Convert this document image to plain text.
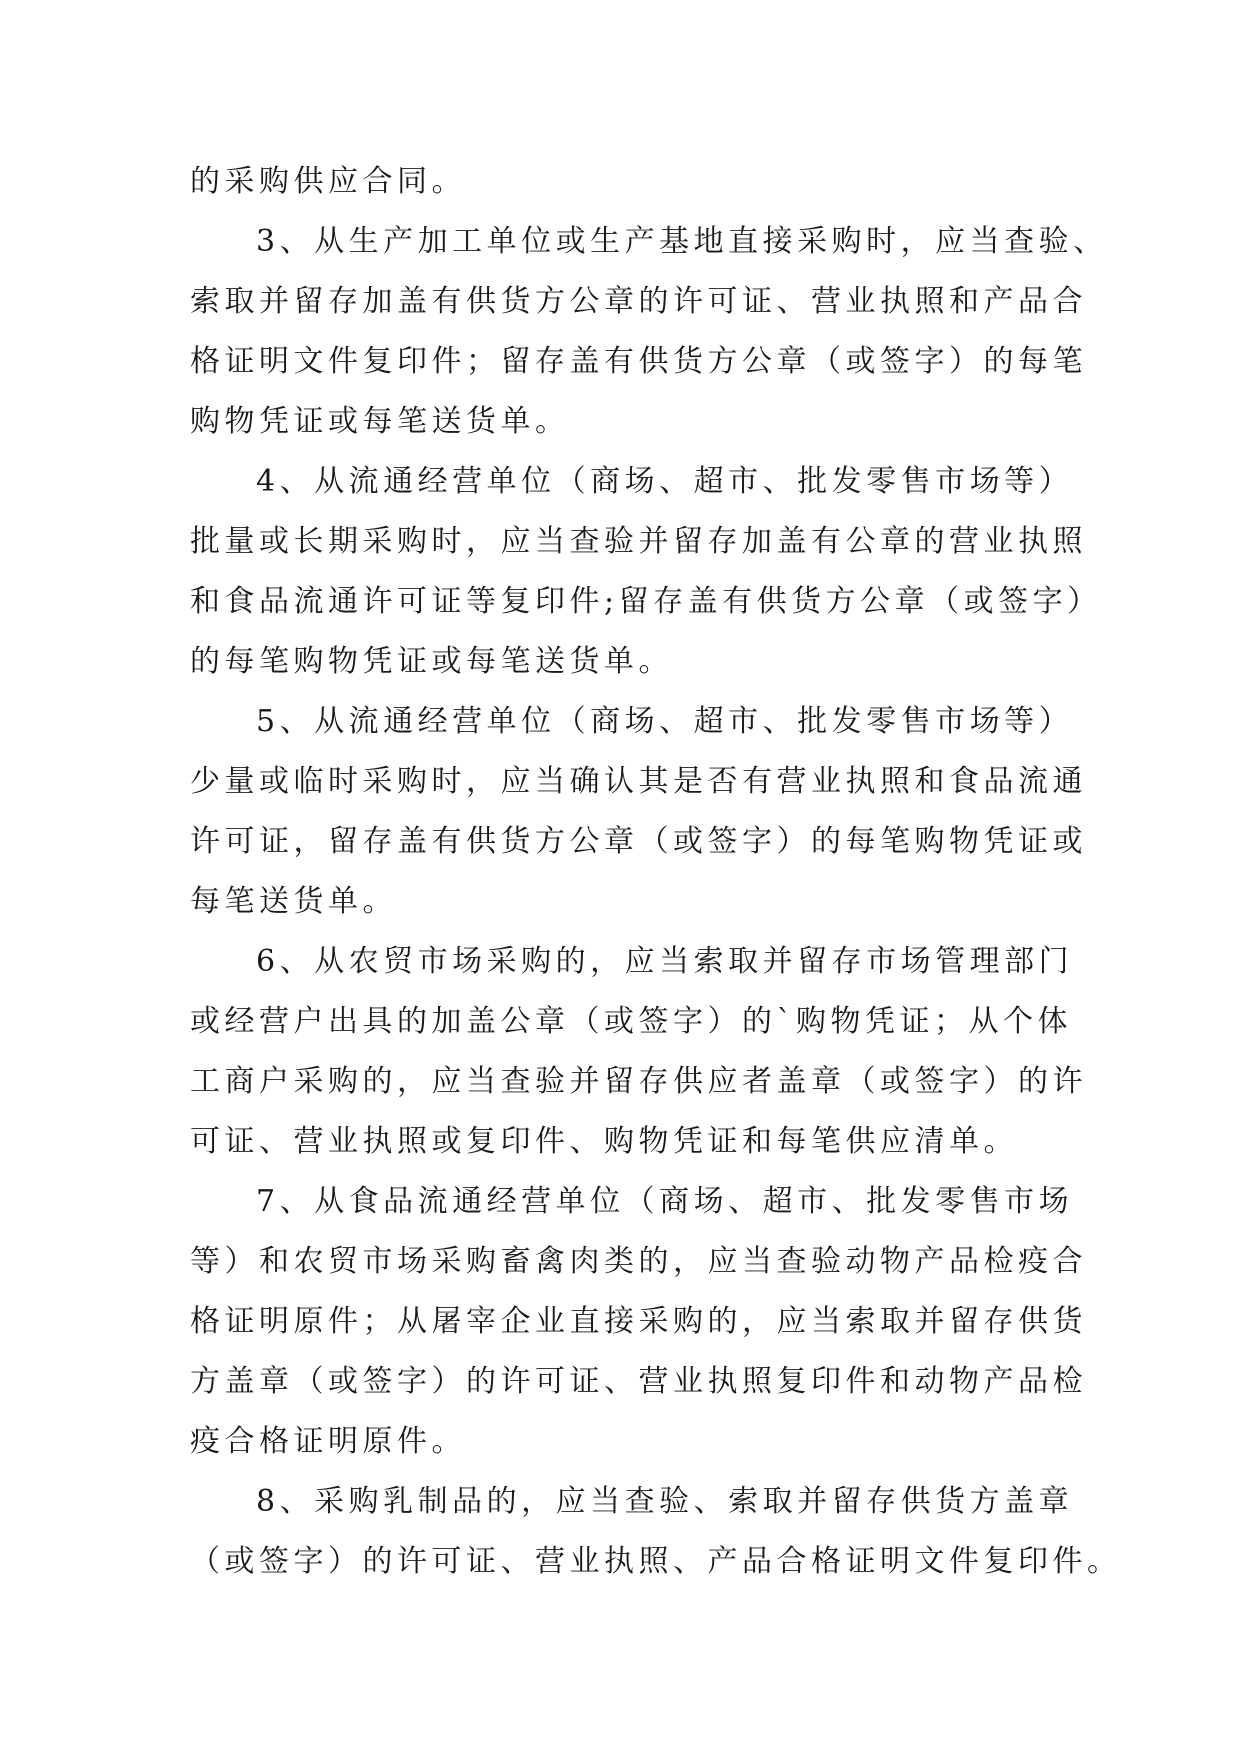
的采购供应合同。
3、从生产加工单位或生产基地直接采购时，应当查验、
索取并留存加盖有供货方公章的许可证、营业执照和产品合
格证明文件复印件；留存盖有供货方公章（或签字）的每笔
购物凭证或每笔送货单。
4、从流通经营单位（商场、超市、批发零售市场等）
批量或长期采购时，应当查验并留存加盖有公章的营业执照
和食品流通许可证等复印件;留存盖有供货方公章（或签字）
的每笔购物凭证或每笔送货单。
5、从流通经营单位（商场、超市、批发零售市场等）
少量或临时采购时，应当确认其是否有营业执照和食品流通
许可证，留存盖有供货方公章（或签字）的每笔购物凭证或
每笔送货单。
6、从农贸市场采购的，应当索取并留存市场管理部门
或经营户出具的加盖公章（或签字）的`购物凭证；从个体
工商户采购的，应当查验并留存供应者盖章（或签字）的许
可证、营业执照或复印件、购物凭证和每笔供应清单。
7、从食品流通经营单位（商场、超市、批发零售市场
等）和农贸市场采购畜禽肉类的，应当查验动物产品检疫合
格证明原件；从屠宰企业直接采购的，应当索取并留存供货
方盖章（或签字）的许可证、营业执照复印件和动物产品检
疫合格证明原件。
8、采购乳制品的，应当查验、索取并留存供货方盖章
（或签字）的许可证、营业执照、产品合格证明文件复印件。
